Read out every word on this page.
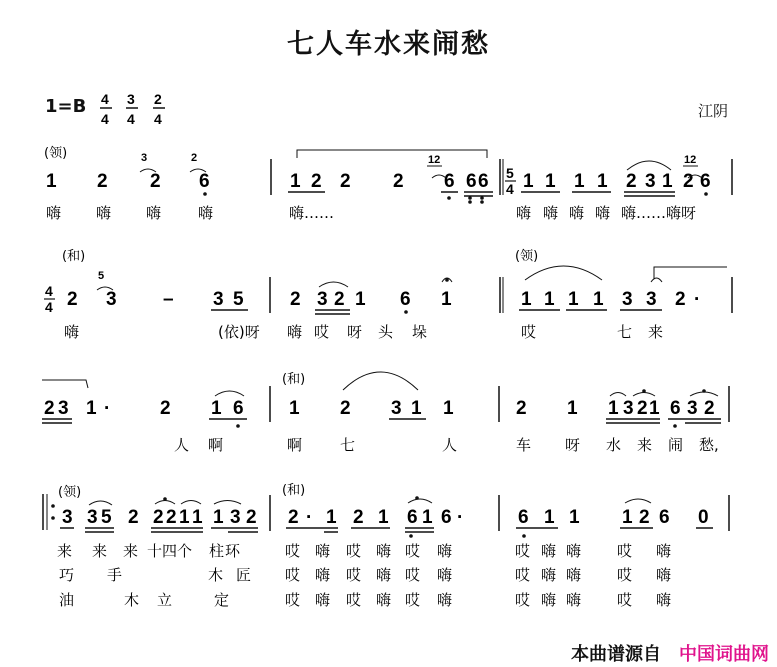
七人车水来闹愁
1=B	江阴
本曲谱源自 中国词曲网
4
4
3
4
2
4
(领)
1 2 2 6
3	2
1 2 2 2 6 6 6
12
5
4 1 1 1 1 2 3 1 2 6
12
嗨 嗨 嗨 嗨	嗨……	嗨 嗨 嗨 嗨 嗨……嗨呀
(和)
4
4 2 3 – 3 5
5
2 3 2 1 6 1
(领)
1 1 1 1 3 3 2 ·
嗨	(依)呀 嗨 哎 呀 头 垛	哎	七 来
2 3 1 ·	2 1 6
(和)
1 2 3 1 1	2 1 1 3 2 1 6 3 2
人 啊	啊	七	人	车 呀 水 来 闹 愁,
(领)
3 3 5 2 2 2 1 1 1 3 2
(和)
2 · 1 2 1 6 1 6 ·	6 1 1 1 2 6 0
来 来 来 十四个 柱 环	哎 嗨 哎 嗨 哎 嗨	哎 嗨 嗨 哎 嗨
巧 手	木 匠 哎 嗨 哎 嗨 哎 嗨	哎 嗨 嗨 哎 嗨
油	木 立	定	哎 嗨 哎 嗨 哎 嗨	哎 嗨 嗨 哎 嗨
